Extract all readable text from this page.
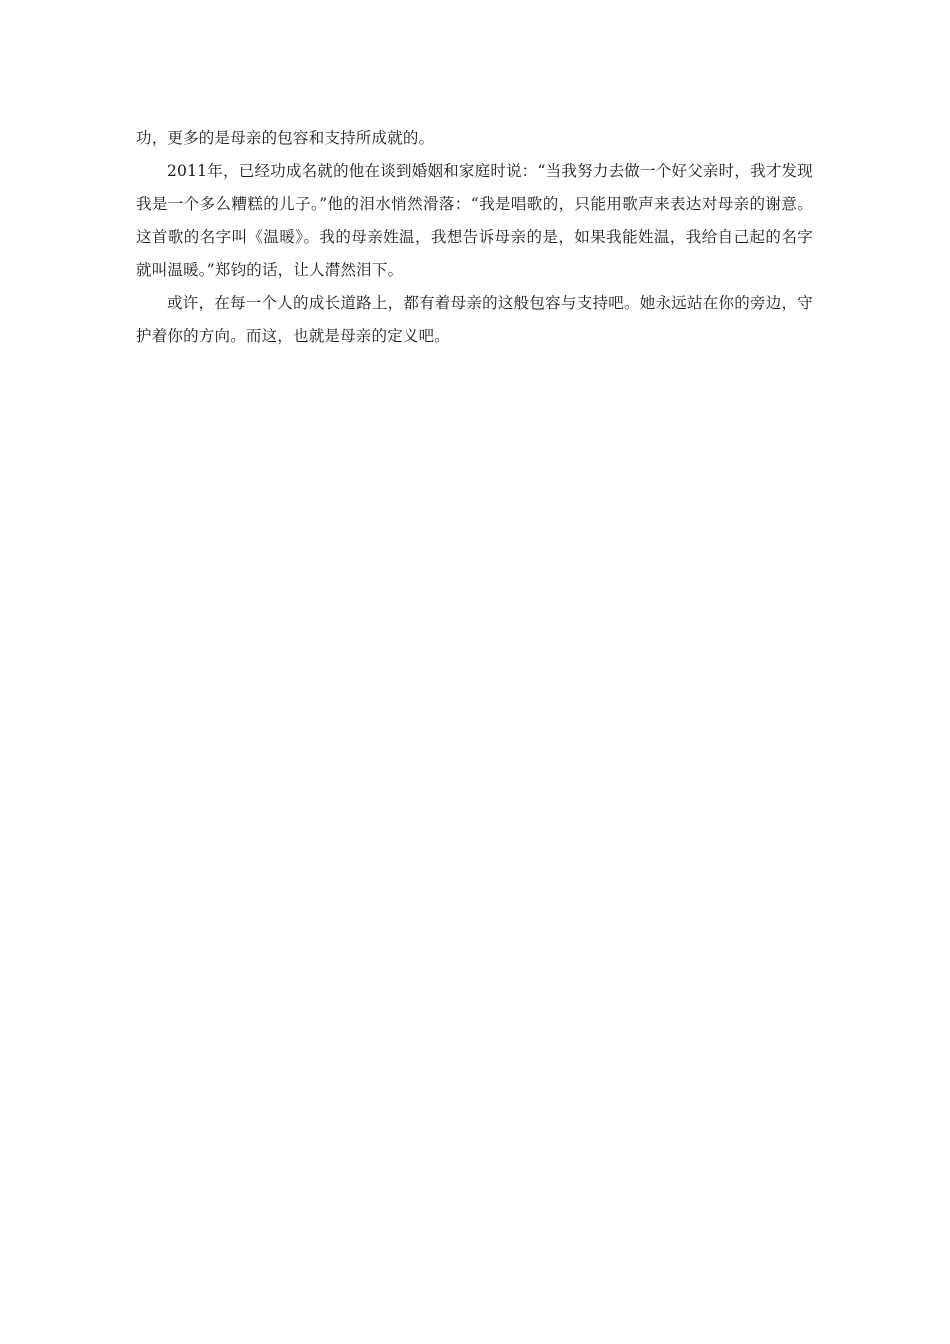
功，更多的是母亲的包容和支持所成就的。

2011年，已经功成名就的他在谈到婚姻和家庭时说：“当我努力去做一个好父亲时，我才发现我是一个多么糟糕的儿子。”他的泪水悄然滑落：“我是唱歌的，只能用歌声来表达对母亲的谢意。这首歌的名字叫《温暖》。我的母亲姓温，我想告诉母亲的是，如果我能姓温，我给自己起的名字就叫温暖。”郑钧的话，让人潸然泪下。

或许，在每一个人的成长道路上，都有着母亲的这般包容与支持吧。她永远站在你的旁边，守护着你的方向。而这，也就是母亲的定义吧。
